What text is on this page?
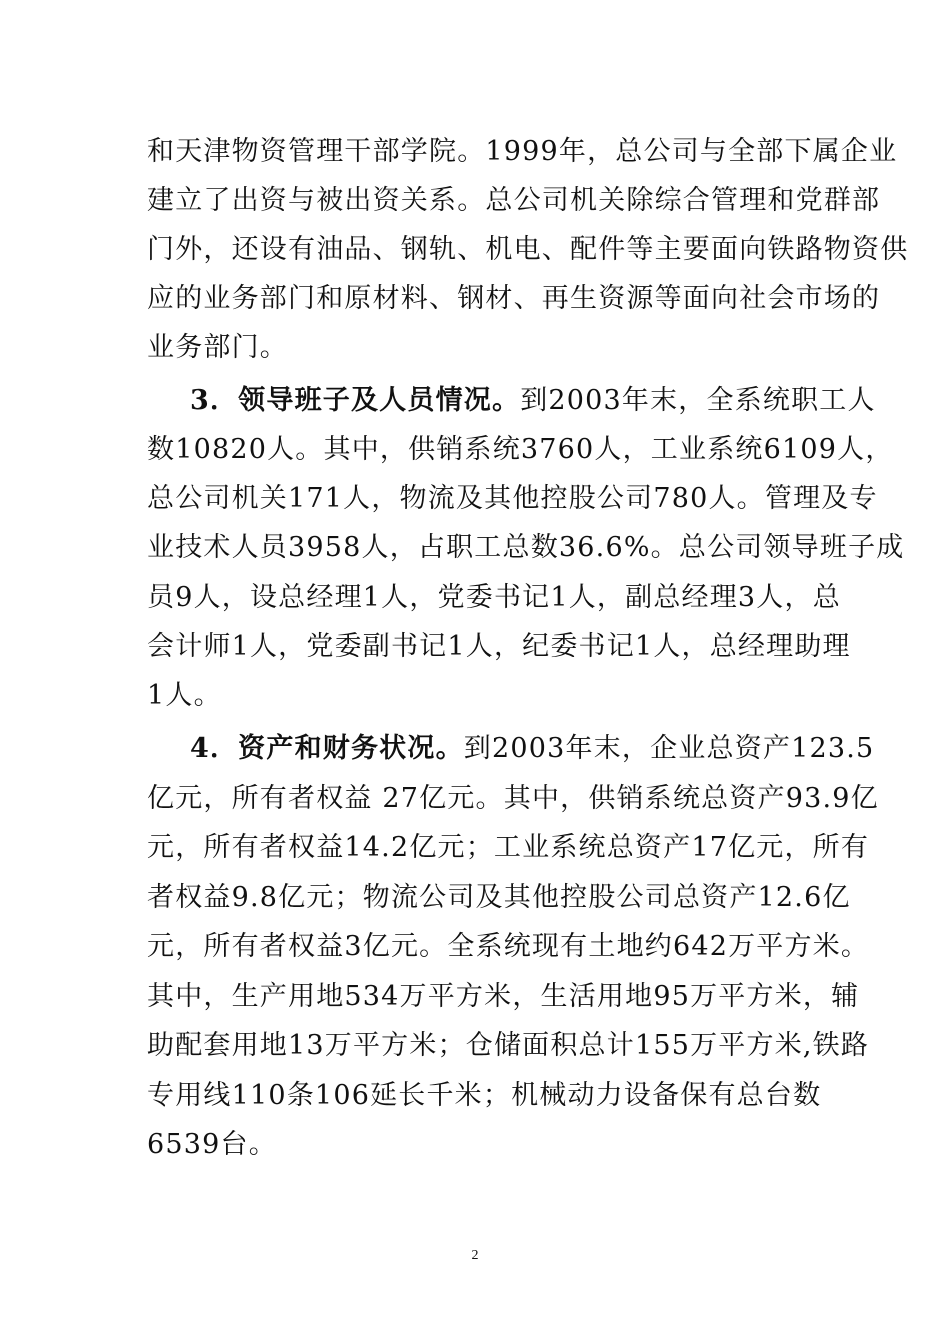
和天津物资管理干部学院。1999年，总公司与全部下属企业
建立了出资与被出资关系。总公司机关除综合管理和党群部
门外，还设有油品、钢轨、机电、配件等主要面向铁路物资供
应的业务部门和原材料、钢材、再生资源等面向社会市场的
业务部门。
3．领导班子及人员情况。到2003年末，全系统职工人
数10820人。其中，供销系统3760人，工业系统6109人，
总公司机关171人，物流及其他控股公司780人。管理及专
业技术人员3958人，占职工总数36.6%。总公司领导班子成
员9人，设总经理1人，党委书记1人，副总经理3人，总
会计师1人，党委副书记1人，纪委书记1人，总经理助理
1人。
4．资产和财务状况。到2003年末，企业总资产123.5
亿元，所有者权益 27亿元。其中，供销系统总资产93.9亿
元，所有者权益14.2亿元；工业系统总资产17亿元，所有
者权益9.8亿元；物流公司及其他控股公司总资产12.6亿
元，所有者权益3亿元。全系统现有土地约642万平方米。
其中，生产用地534万平方米，生活用地95万平方米，辅
助配套用地13万平方米；仓储面积总计155万平方米,铁路
专用线110条106延长千米；机械动力设备保有总台数
6539台。
2
